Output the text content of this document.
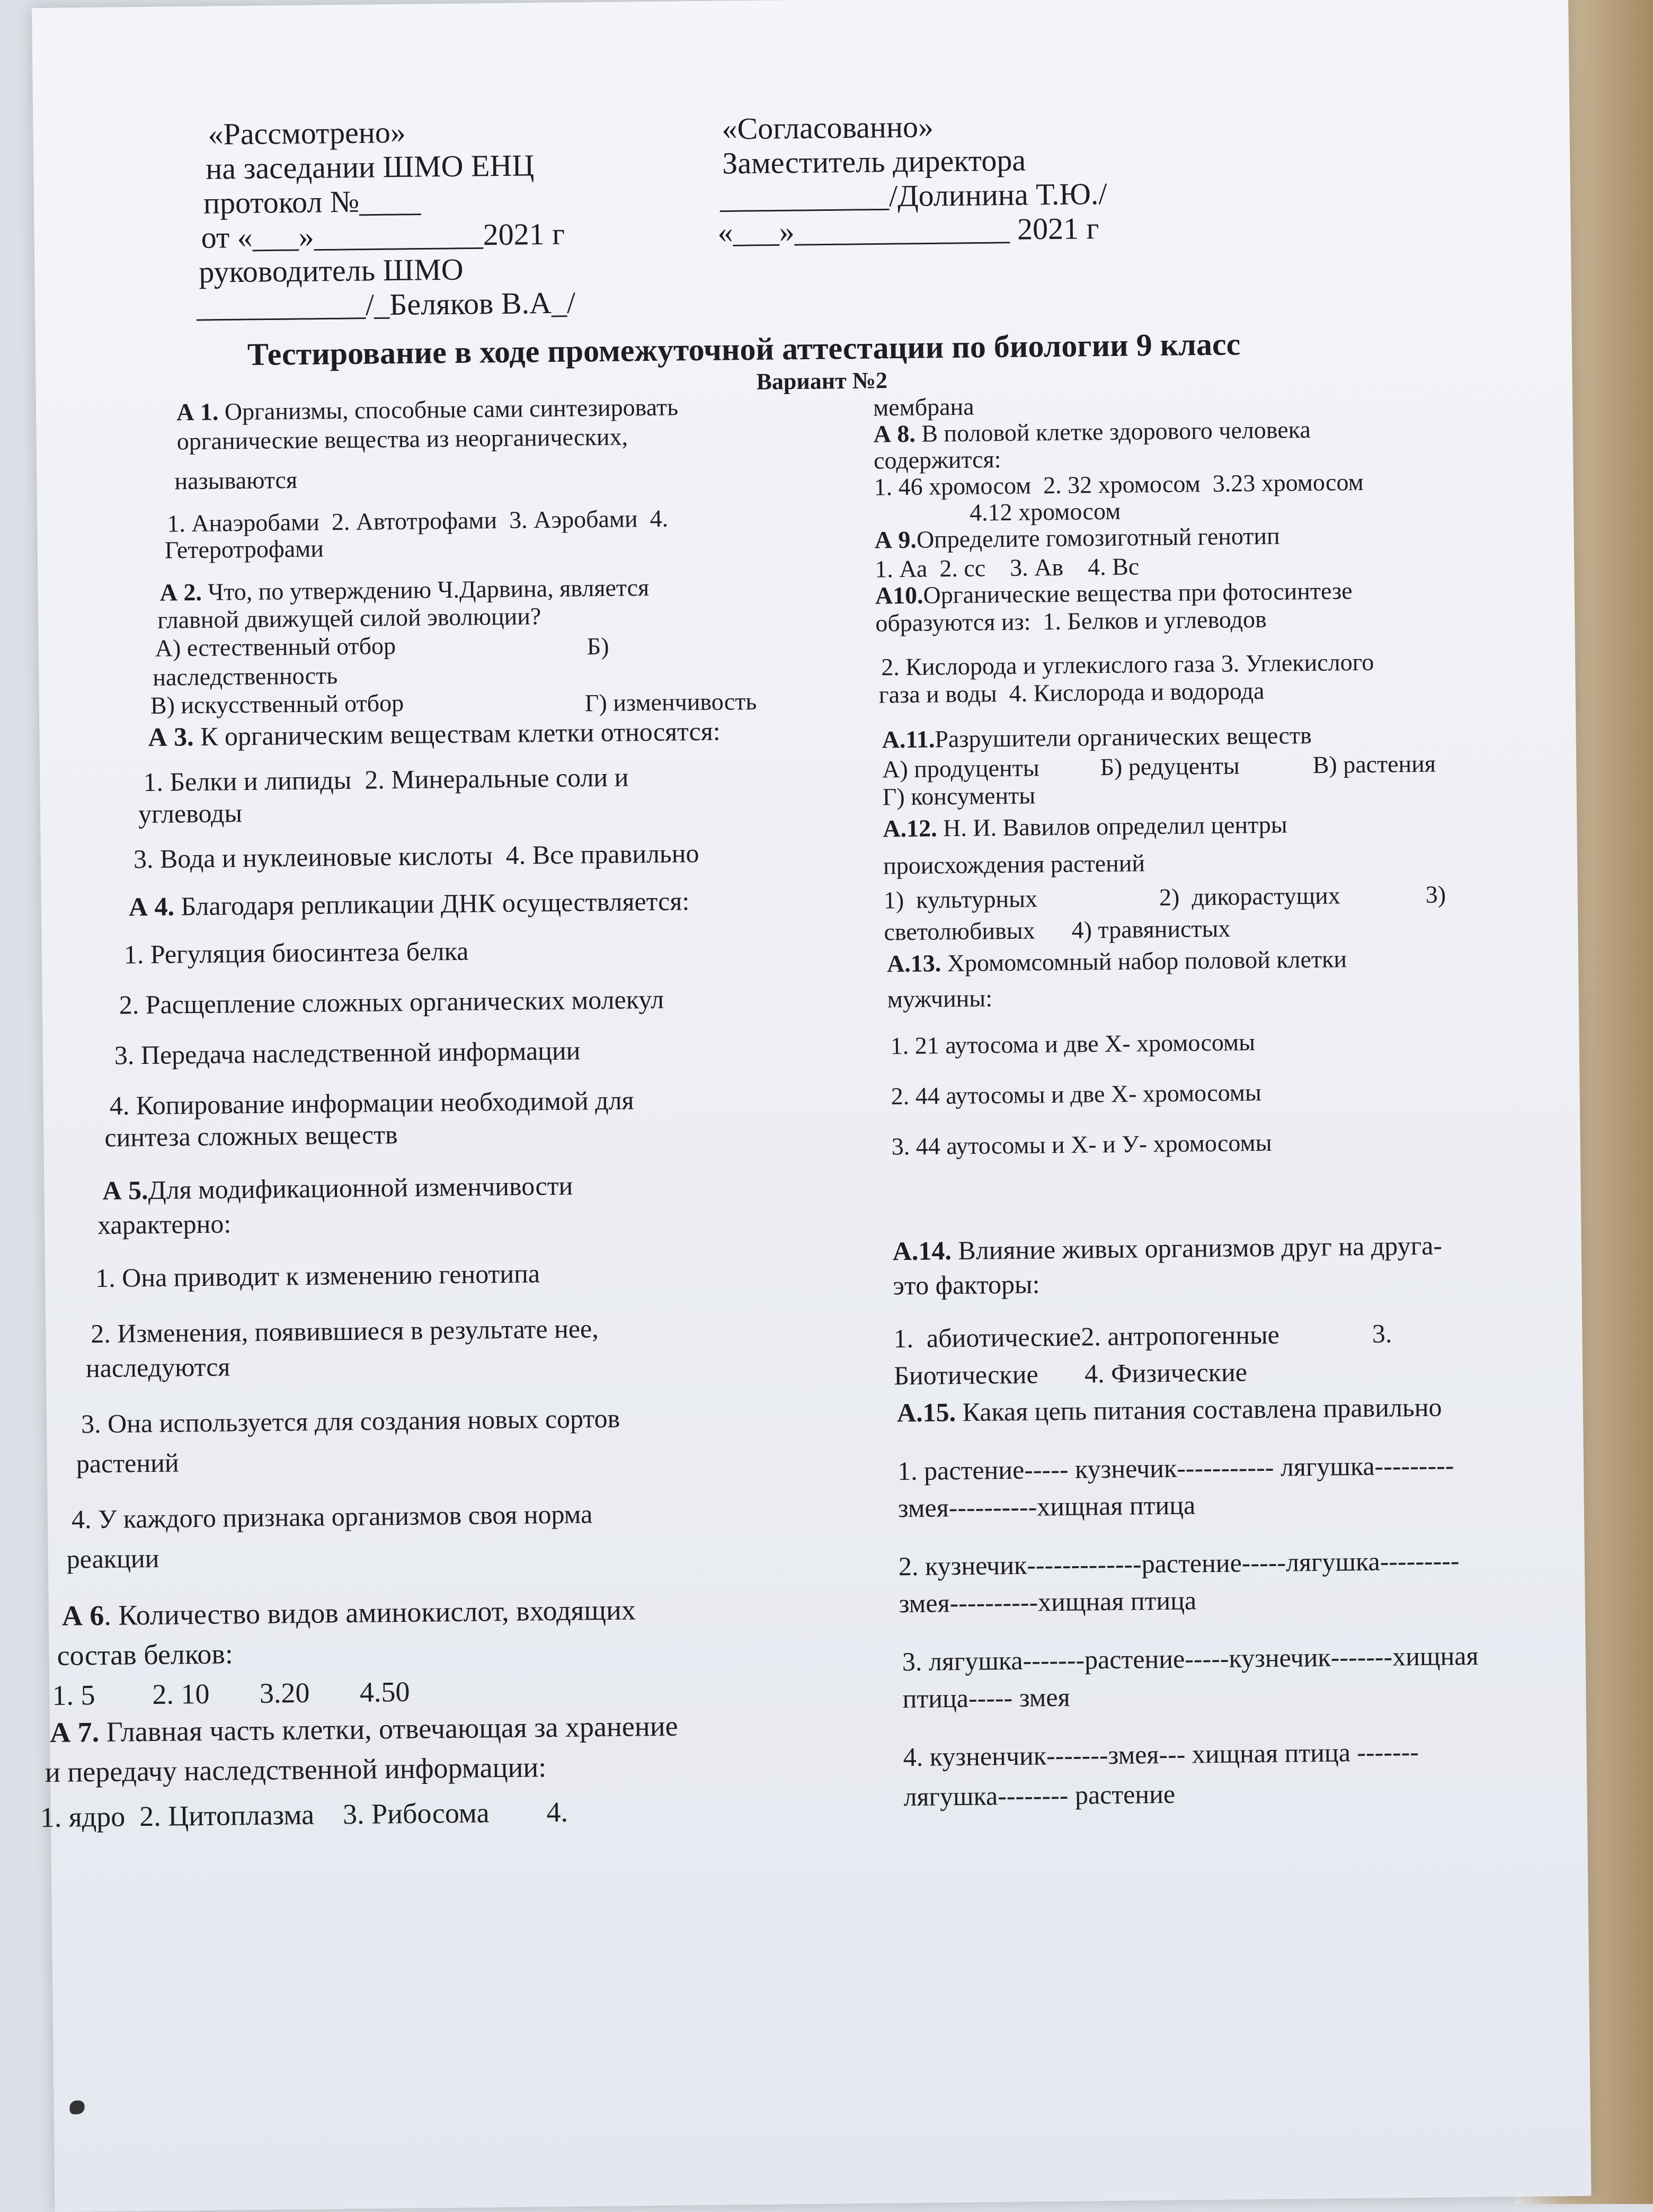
«Рассмотрено»
на заседании ШМО ЕНЦ
протокол №____
от «___»___________2021 г
руководитель ШМО
___________/_Беляков В.А_/
«Согласованно»
Заместитель директора
___________/Долинина Т.Ю./
«___»______________ 2021 г
Тестирование в ходе промежуточной аттестации по биологии 9 класс
Вариант №2
А 1. Организмы, способные сами синтезировать
органические вещества из неорганических,
называются
1. Анаэробами  2. Автотрофами  3. Аэробами  4.
Гетеротрофами
А 2. Что, по утверждению Ч.Дарвина, является
главной движущей силой эволюции?
А) естественный отбор	Б)
наследственность
В) искусственный отбор	Г) изменчивость
А 3. К органическим веществам клетки относятся:
1. Белки и липиды  2. Минеральные соли и
углеводы
3. Вода и нуклеиновые кислоты  4. Все правильно
А 4. Благодаря репликации ДНК осуществляется:
1. Регуляция биосинтеза белка
2. Расщепление сложных органических молекул
3. Передача наследственной информации
4. Копирование информации необходимой для
синтеза сложных веществ
А 5.Для модификационной изменчивости
характерно:
1. Она приводит к изменению генотипа
2. Изменения, появившиеся в результате нее,
наследуются
3. Она используется для создания новых сортов
растений
4. У каждого признака организмов своя норма
реакции
А 6. Количество видов аминокислот, входящих
состав белков:
1. 5        2. 10       3.20       4.50
А 7. Главная часть клетки, отвечающая за хранение
и передачу наследственной информации:
1. ядро  2. Цитоплазма    3. Рибосома        4.
мембрана
А 8. В половой клетке здорового человека
содержится:
1. 46 хромосом  2. 32 хромосом  3.23 хромосом
4.12 хромосом
А 9.Определите гомозиготный генотип
1. Аа  2. сс    3. Ав    4. Вс
А10.Органические вещества при фотосинтезе
образуются из:  1. Белков и углеводов
2. Кислорода и углекислого газа 3. Углекислого
газа и воды  4. Кислорода и водорода
А.11.Разрушители органических веществ
А) продуценты          Б) редуценты            В) растения
Г) консументы
А.12. Н. И. Вавилов определил центры
происхождения растений
1)  культурных                    2)  дикорастущих              3)
светолюбивых      4) травянистых
А.13. Хромомсомный набор половой клетки
мужчины:
1. 21 аутосома и две Х- хромосомы
2. 44 аутосомы и две Х- хромосомы
3. 44 аутосомы и Х- и У- хромосомы
А.14. Влияние живых организмов друг на друга-
это факторы:
1.  абиотические2. антропогенные              3.
Биотические       4. Физические
А.15. Какая цепь питания составлена правильно
1. растение----- кузнечик----------- лягушка---------
змея----------хищная птица
2. кузнечик-------------растение-----лягушка---------
змея----------хищная птица
3. лягушка-------растение-----кузнечик-------хищная
птица----- змея
4. кузненчик-------змея--- хищная птица -------
лягушка-------- растение
